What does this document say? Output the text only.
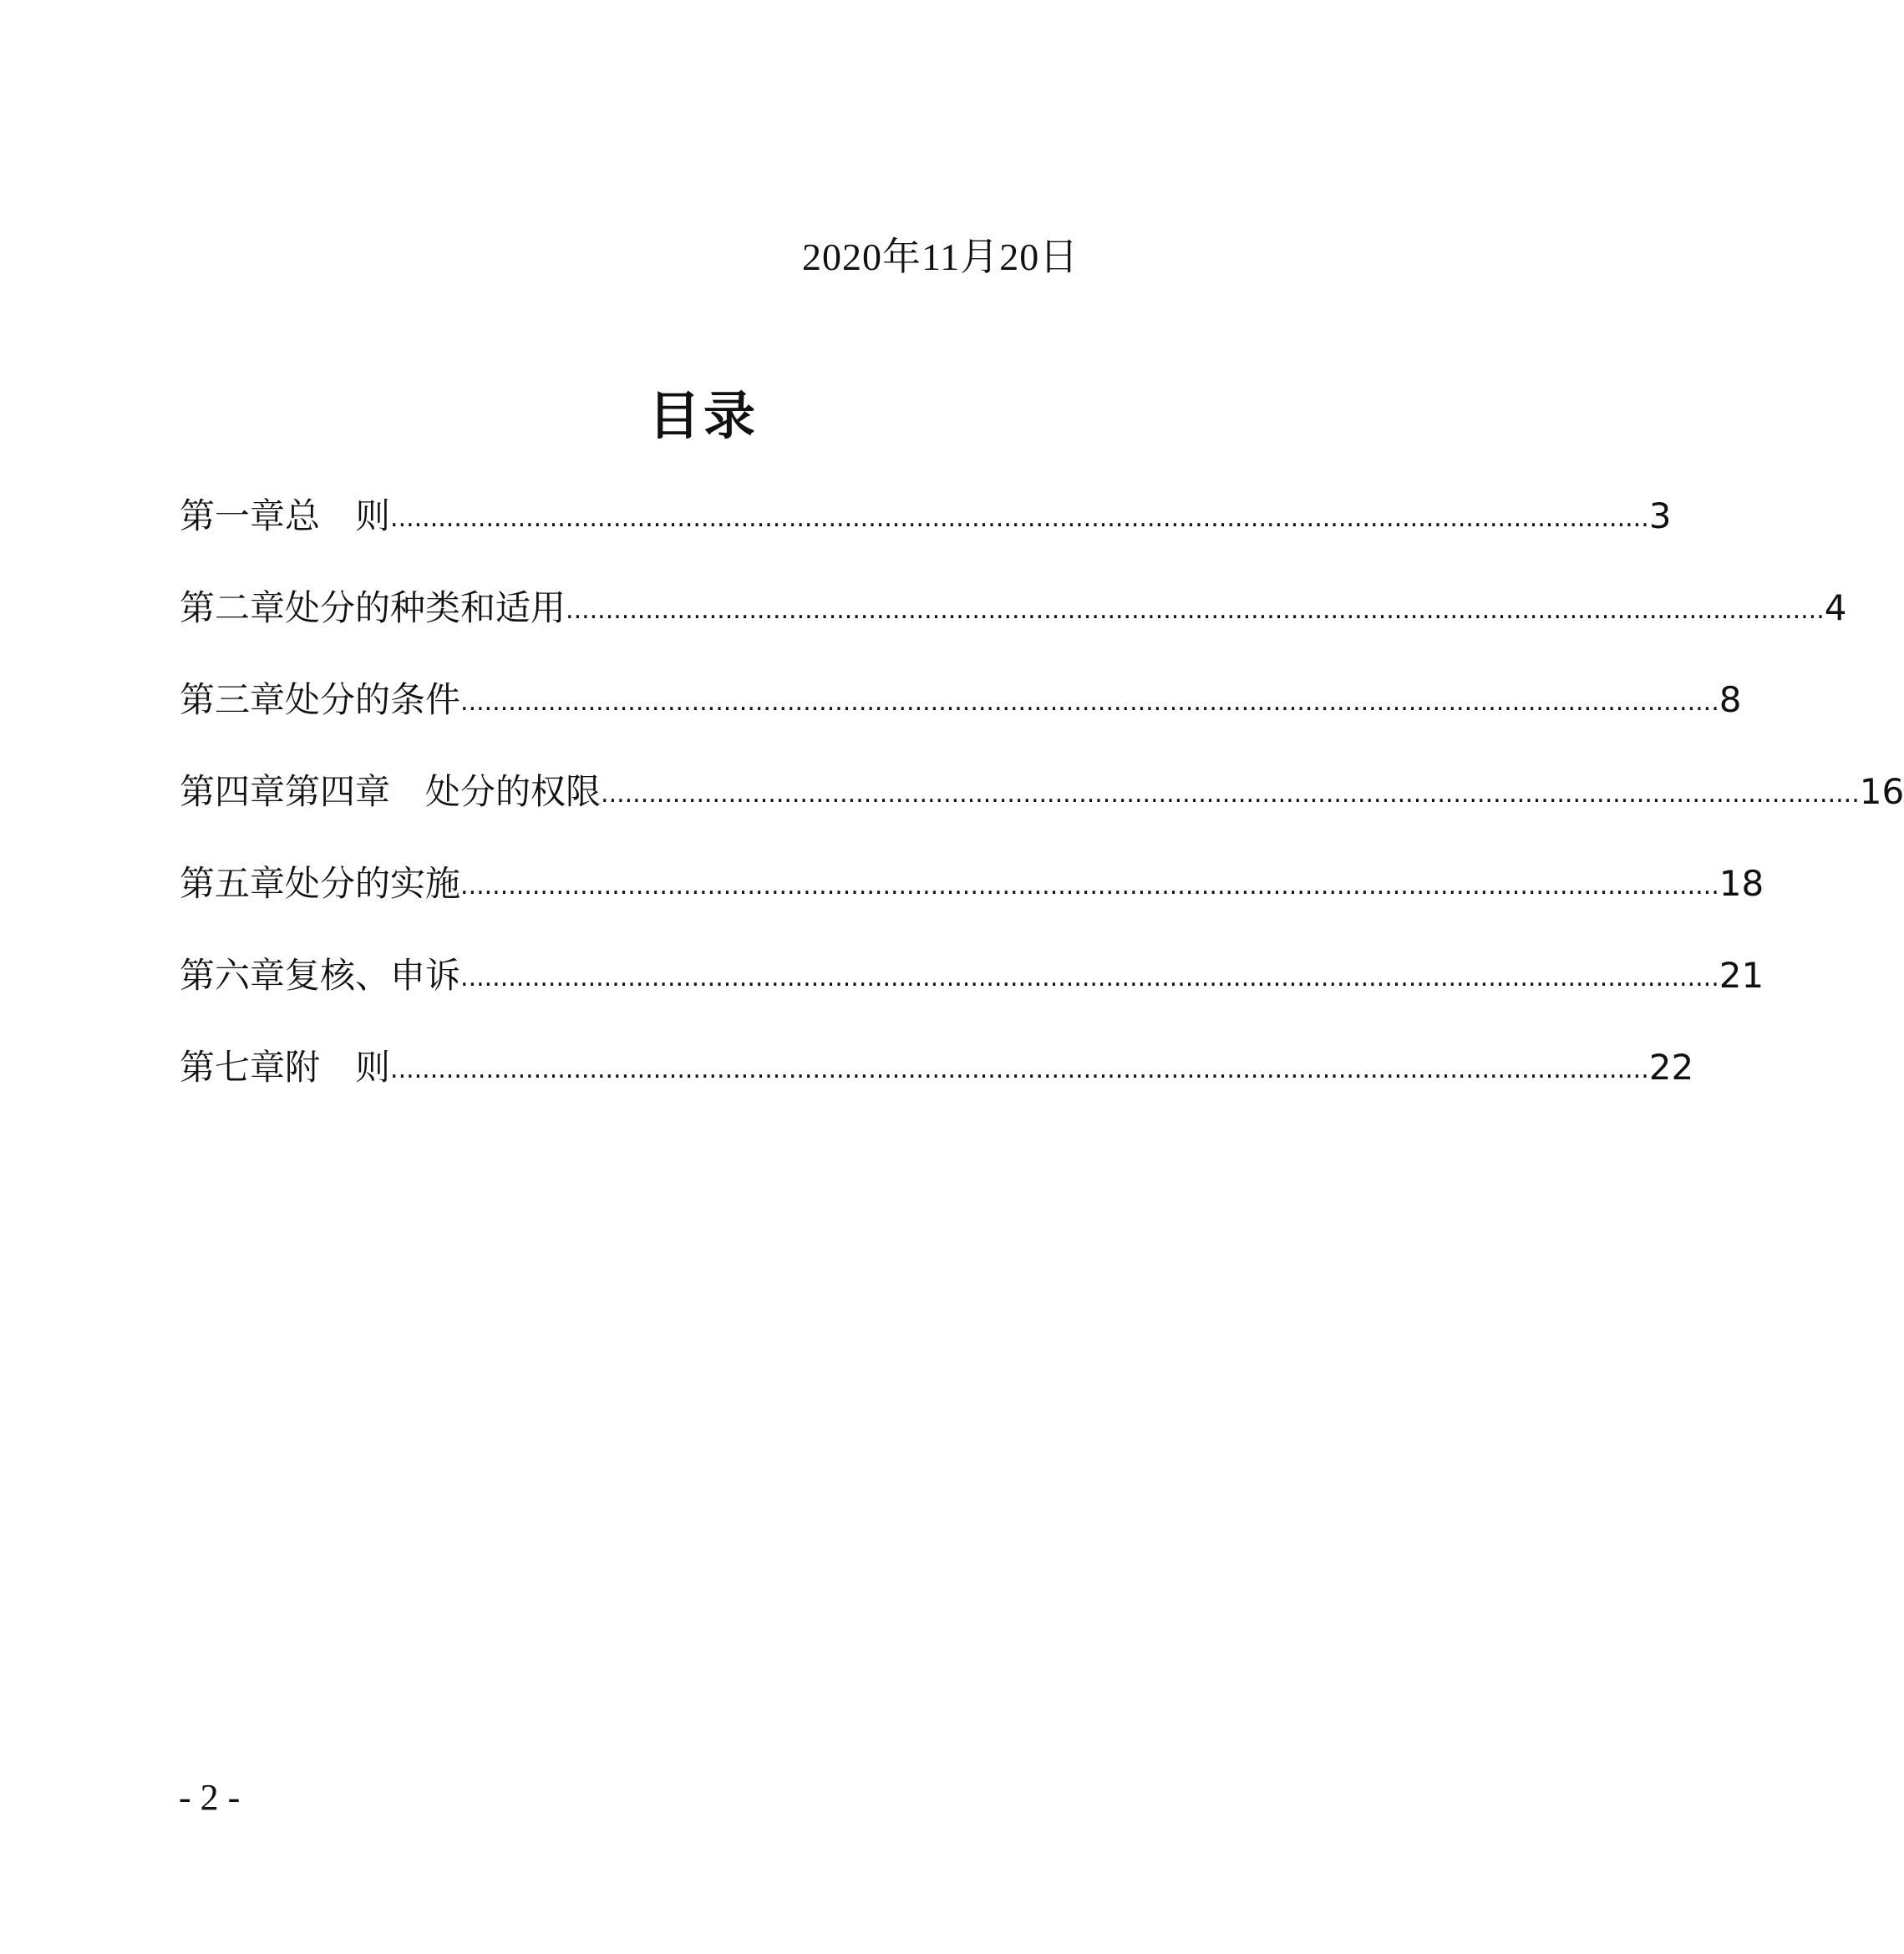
2020年11月20日
目录
第一章 总　则 .............................................................................................................................................................. 3
第二章 处分的种类和适用 .............................................................................................................................................................. 4
第三章 处分的条件 .............................................................................................................................................................. 8
第四章 第四章　处分的权限 .............................................................................................................................................................. 16
第五章 处分的实施 .............................................................................................................................................................. 18
第六章 复核、申诉 .............................................................................................................................................................. 21
第七章 附　则 .............................................................................................................................................................. 22
- 2 -
